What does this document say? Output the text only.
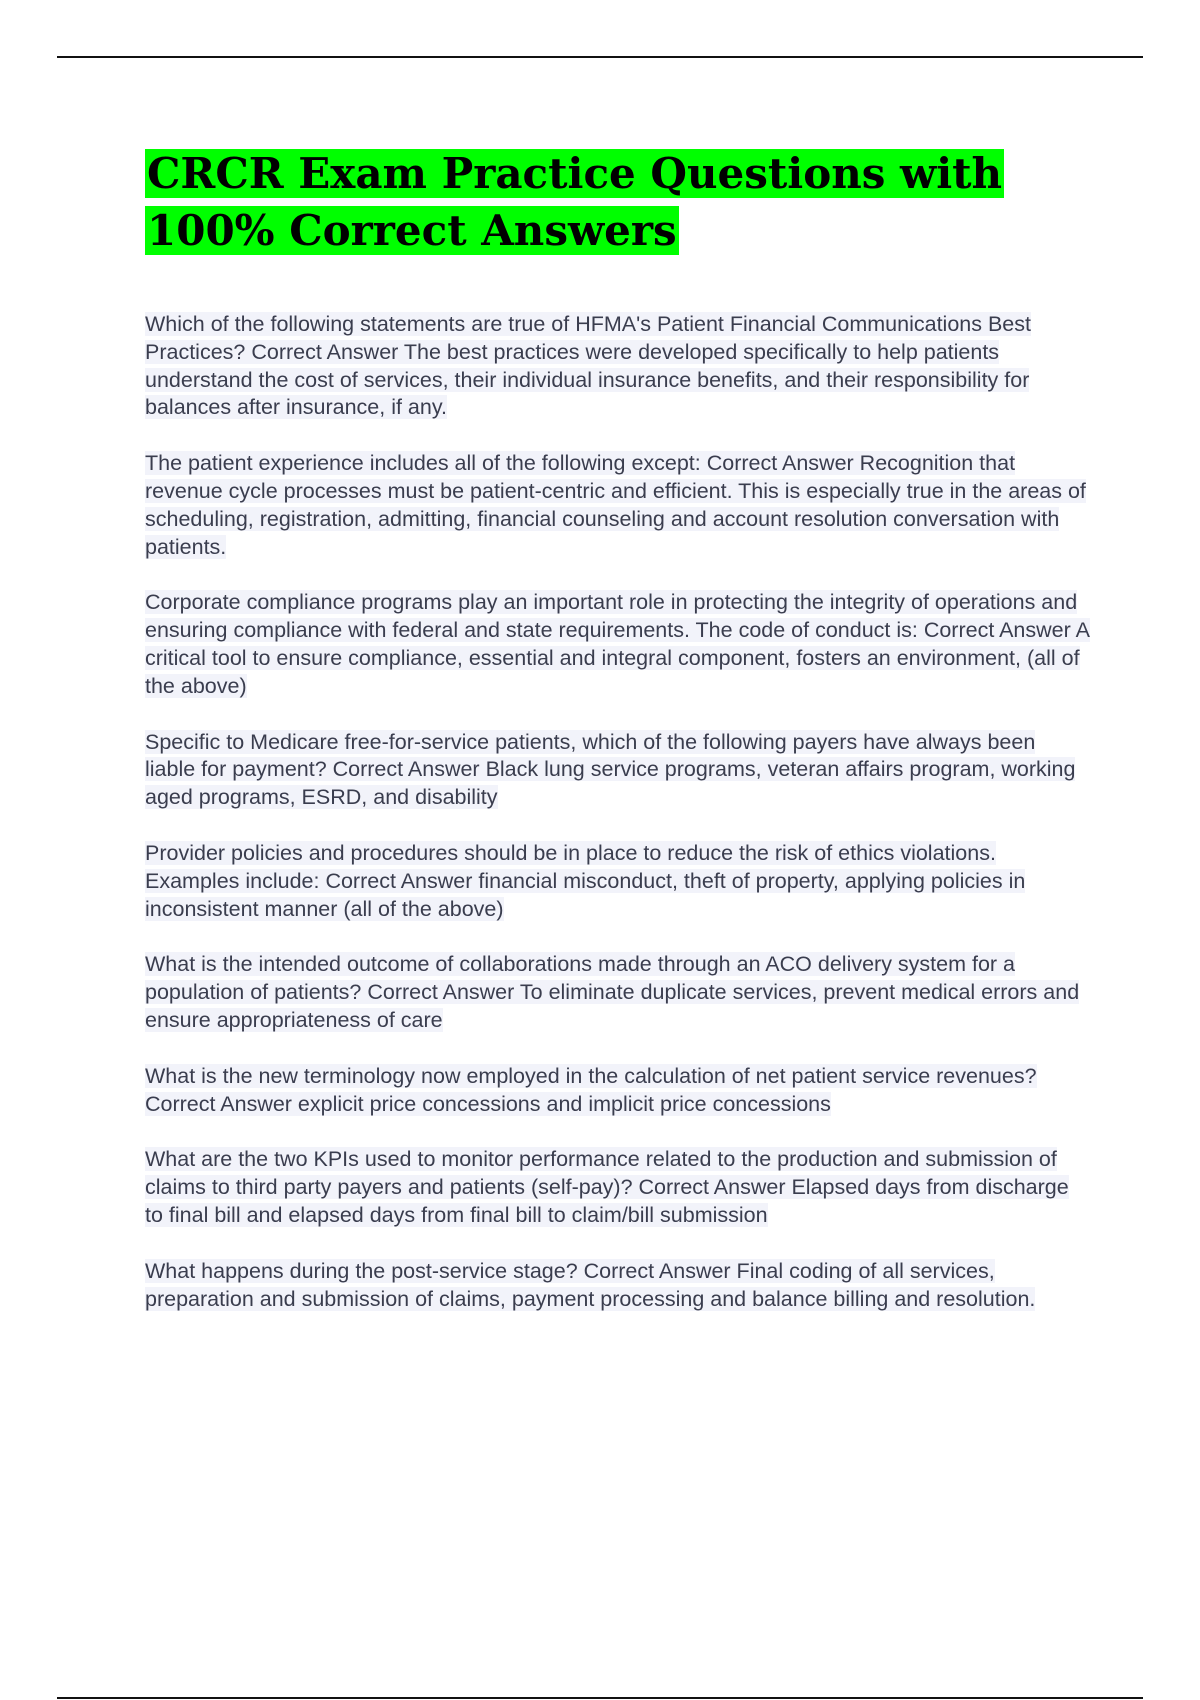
CRCR Exam Practice Questions with 100% Correct Answers

Which of the following statements are true of HFMA's Patient Financial Communications Best Practices? Correct Answer The best practices were developed specifically to help patients understand the cost of services, their individual insurance benefits, and their responsibility for balances after insurance, if any.

The patient experience includes all of the following except: Correct Answer Recognition that revenue cycle processes must be patient-centric and efficient. This is especially true in the areas of scheduling, registration, admitting, financial counseling and account resolution conversation with patients.

Corporate compliance programs play an important role in protecting the integrity of operations and ensuring compliance with federal and state requirements. The code of conduct is: Correct Answer A critical tool to ensure compliance, essential and integral component, fosters an environment, (all of the above)

Specific to Medicare free-for-service patients, which of the following payers have always been liable for payment? Correct Answer Black lung service programs, veteran affairs program, working aged programs, ESRD, and disability

Provider policies and procedures should be in place to reduce the risk of ethics violations. Examples include: Correct Answer financial misconduct, theft of property, applying policies in inconsistent manner (all of the above)

What is the intended outcome of collaborations made through an ACO delivery system for a population of patients? Correct Answer To eliminate duplicate services, prevent medical errors and ensure appropriateness of care

What is the new terminology now employed in the calculation of net patient service revenues? Correct Answer explicit price concessions and implicit price concessions

What are the two KPIs used to monitor performance related to the production and submission of claims to third party payers and patients (self-pay)? Correct Answer Elapsed days from discharge to final bill and elapsed days from final bill to claim/bill submission

What happens during the post-service stage? Correct Answer Final coding of all services, preparation and submission of claims, payment processing and balance billing and resolution.
